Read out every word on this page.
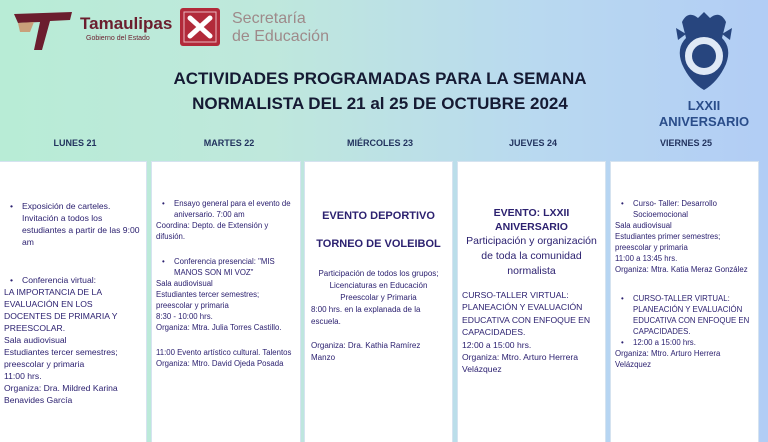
Tamaulipas
Gobierno del Estado
Secretaría
de Educación
ACTIVIDADES PROGRAMADAS PARA LA SEMANA
NORMALISTA DEL 21 al 25 DE OCTUBRE 2024	LXXII
ANIVERSARIO
LUNES 21	MARTES 22	MIÉRCOLES 23	JUEVES 24	VIERNES 25

• Exposición de carteles. Invitación a todos los estudiantes a partir de las 9:00 am

• Conferencia virtual:

LA IMPORTANCIA DE LA EVALUACIÓN EN LOS DOCENTES DE PRIMARIA Y PREESCOLAR.

Sala audiovisual

Estudiantes tercer semestres; preescolar y primaria

11:00 hrs.

Organiza: Dra. Mildred Karina Benavides García

• Ensayo general para el evento de aniversario. 7:00 am

Coordina: Depto. de Extensión y difusión.

• Conferencia presencial: "MIS MANOS SON MI VOZ"

Sala audiovisual

Estudiantes tercer semestres; preescolar y primaria

8:30 - 10:00 hrs.

Organiza: Mtra. Julia Torres Castillo.

11:00 Evento artístico cultural. Talentos

Organiza: Mtro. David Ojeda Posada

EVENTO DEPORTIVO

TORNEO DE VOLEIBOL

Participación de todos los grupos; Licenciaturas en Educación Preescolar y Primaria

8:00 hrs. en la explanada de la escuela.

Organiza: Dra. Kathia Ramírez Manzo

EVENTO: LXXII ANIVERSARIO

Participación y organización de toda la comunidad normalista

CURSO-TALLER VIRTUAL: PLANEACIÓN Y EVALUACIÓN EDUCATIVA CON ENFOQUE EN CAPACIDADES.

12:00 a 15:00 hrs.

Organiza: Mtro. Arturo Herrera Velázquez

• Curso- Taller: Desarrollo Socioemocional

Sala audiovisual

Estudiantes primer semestres; preescolar y primaria

11:00 a 13:45 hrs.

Organiza: Mtra. Katia Meraz González

• CURSO-TALLER VIRTUAL: PLANEACIÓN Y EVALUACIÓN EDUCATIVA CON ENFOQUE EN CAPACIDADES.

• 12:00 a 15:00 hrs.

Organiza: Mtro. Arturo Herrera Velázquez
